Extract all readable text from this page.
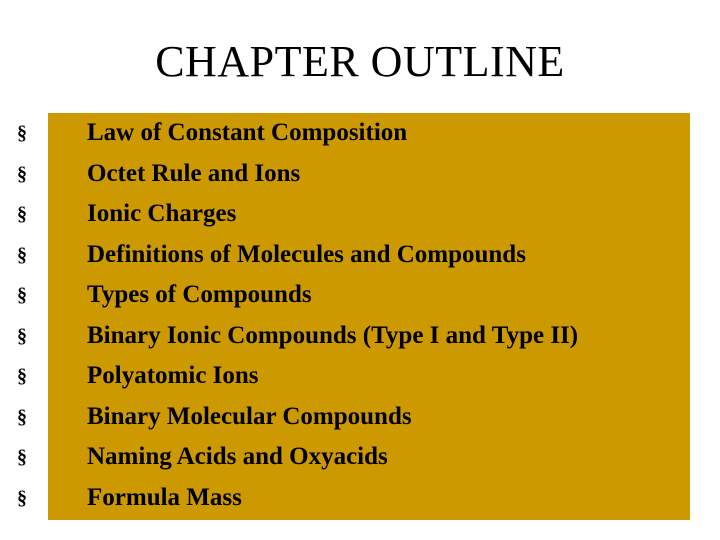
CHAPTER OUTLINE
§ Law of Constant Composition
§ Octet Rule and Ions
§ Ionic Charges
§ Definitions of Molecules and Compounds
§ Types of Compounds
§ Binary Ionic Compounds (Type I and Type II)
§ Polyatomic Ions
§ Binary Molecular Compounds
§ Naming Acids and Oxyacids
§ Formula Mass
